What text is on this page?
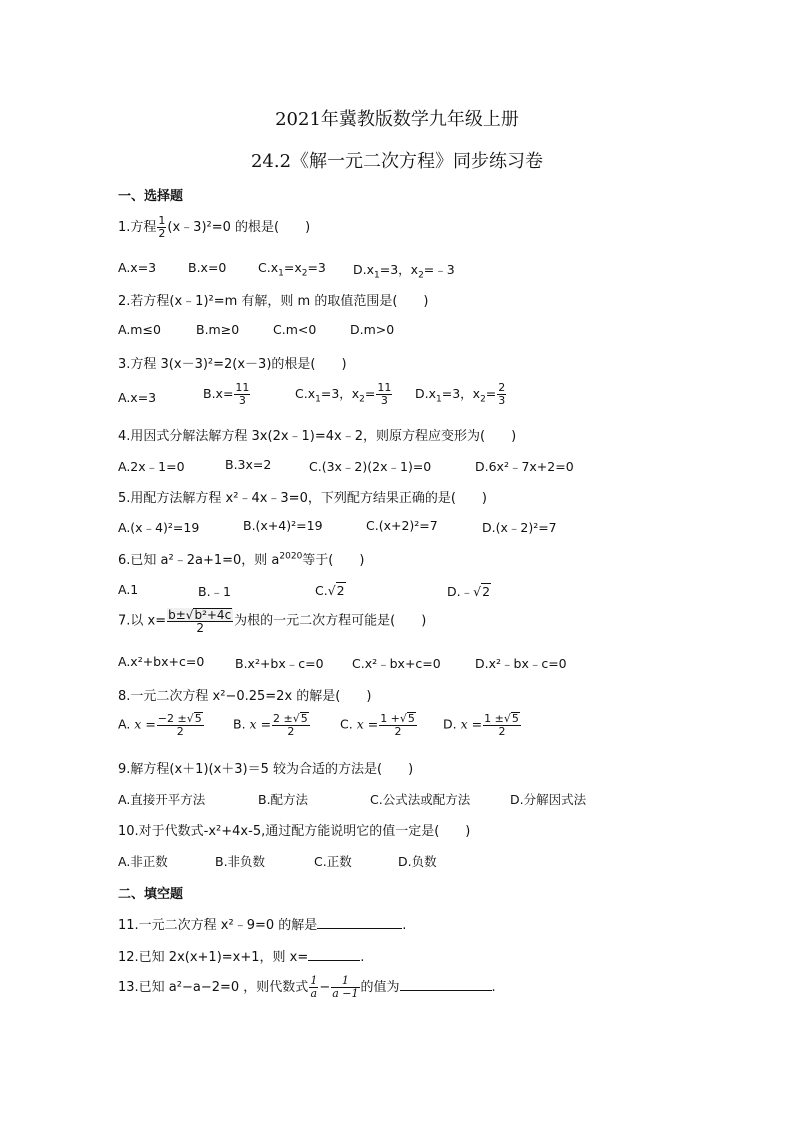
2021年冀教版数学九年级上册
24.2《解一元二次方程》同步练习卷
一、选择题
1.方程 $\frac{1}{2}$ (x﹣3)²=0 的根是(　　)
A.x=3	B.x=0	$C.x_1=x_2=3$ $D.x_1=3$，$x_2=﹣3$
2.若方程(x﹣1)²=m 有解，则 m 的取值范围是(　　)
A.m≤0	B.m≥0	C.m<0	D.m>0
3.方程 3(x－3)²=2(x－3)的根是(　　)
A.x=3	$B.x= \frac{11}{3}$	$C.x_1=3$，$x_2= \frac{11}{3} D.x_1=3$，$x_2= \frac{2}{3}$
4.用因式分解法解方程 3x(2x﹣1)=4x﹣2，则原方程应变形为(　　)
A.2x﹣1=0	B.3x=2	C.(3x﹣2)(2x﹣1)=0	D.6x²﹣7x+2=0
5.用配方法解方程 x²﹣4x﹣3=0，下列配方结果正确的是(　　)
A.(x﹣4)²=19	B.(x+4)²=19	C.(x+2)²=7	D.(x﹣2)²=7
6.已知 a²﹣2a+1=0，则 $a^{2020}$等于(　　)
A.1	B.﹣1	C.√2	D.﹣√2
7.以 $x= \frac{\text{b±√b²+4c}}{2}$ 为根的一元二次方程可能是(　　)
A.x²+bx+c=0 B.x²+bx﹣c=0 C.x²﹣bx+c=0	D.x²﹣bx﹣c=0
8.一元二次方程 x²−0.25=2x 的解是(　　)
A. $x = \frac{-2 \pm√5}{2} B$. $x = \frac{2 \pm√5}{2} C$. $x = \frac{1 +√5}{2} D$. $x = \frac{1 \pm√5}{2}$
9.解方程(x＋1)(x＋3)＝5 较为合适的方法是(　　)
A.直接开平方法	B.配方法	C.公式法或配方法	D.分解因式法
10.对于代数式-x²+4x-5,通过配方能说明它的值一定是(　　)
A.非正数	B.非负数	C.正数	D.负数
二、填空题
11.一元二次方程 x²﹣9=0 的解是	.
12.已知 2x(x+1)=x+1，则 x=	.
13.已知 a²−a−2=0 ，则代数式 $\frac{1}{a} - \frac{1}{a -1}$ 的值为	.
